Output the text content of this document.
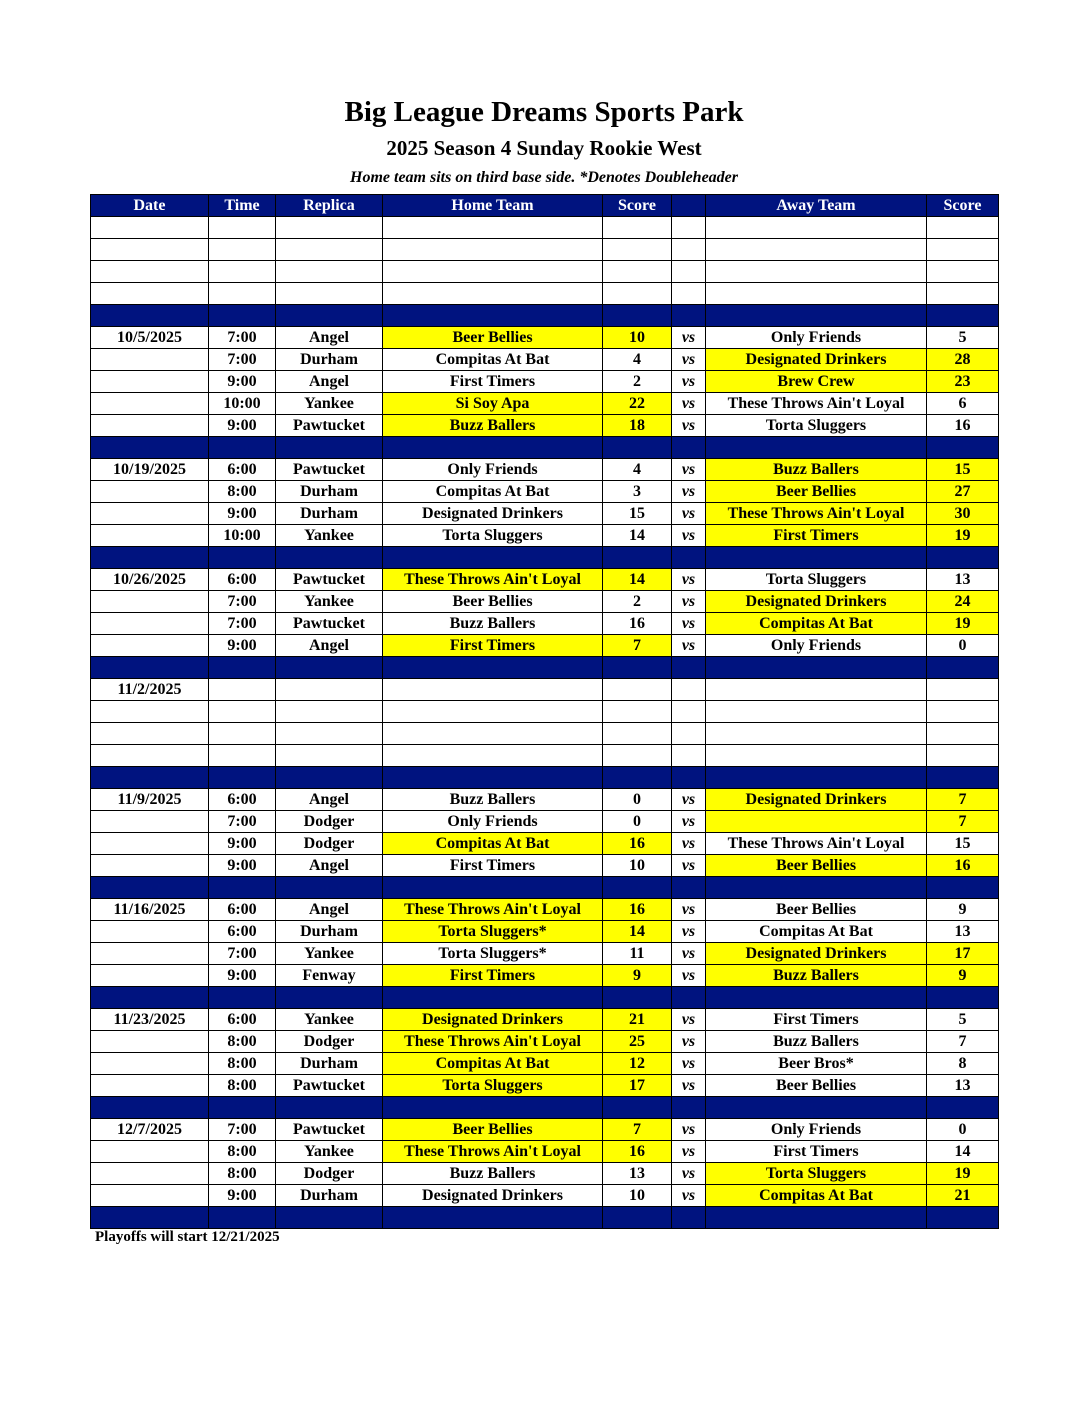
Big League Dreams Sports Park
2025 Season 4 Sunday Rookie West
Home team sits on third base side. *Denotes Doubleheader
Date	Time	Replica	Home Team	Score		Away Team	Score

10/5/2025	7:00	Angel	Beer Bellies	10	vs	Only Friends	5
	7:00	Durham	Compitas At Bat	4	vs	Designated Drinkers	28
	9:00	Angel	First Timers	2	vs	Brew Crew	23
	10:00	Yankee	Si Soy Apa	22	vs	These Throws Ain't Loyal	6
	9:00	Pawtucket	Buzz Ballers	18	vs	Torta Sluggers	16

10/19/2025	6:00	Pawtucket	Only Friends	4	vs	Buzz Ballers	15
	8:00	Durham	Compitas At Bat	3	vs	Beer Bellies	27
	9:00	Durham	Designated Drinkers	15	vs	These Throws Ain't Loyal	30
	10:00	Yankee	Torta Sluggers	14	vs	First Timers	19

10/26/2025	6:00	Pawtucket	These Throws Ain't Loyal	14	vs	Torta Sluggers	13
	7:00	Yankee	Beer Bellies	2	vs	Designated Drinkers	24
	7:00	Pawtucket	Buzz Ballers	16	vs	Compitas At Bat	19
	9:00	Angel	First Timers	7	vs	Only Friends	0

11/2/2025							

11/9/2025	6:00	Angel	Buzz Ballers	0	vs	Designated Drinkers	7
	7:00	Dodger	Only Friends	0	vs		7
	9:00	Dodger	Compitas At Bat	16	vs	These Throws Ain't Loyal	15
	9:00	Angel	First Timers	10	vs	Beer Bellies	16

11/16/2025	6:00	Angel	These Throws Ain't Loyal	16	vs	Beer Bellies	9
	6:00	Durham	Torta Sluggers*	14	vs	Compitas At Bat	13
	7:00	Yankee	Torta Sluggers*	11	vs	Designated Drinkers	17
	9:00	Fenway	First Timers	9	vs	Buzz Ballers	9

11/23/2025	6:00	Yankee	Designated Drinkers	21	vs	First Timers	5
	8:00	Dodger	These Throws Ain't Loyal	25	vs	Buzz Ballers	7
	8:00	Durham	Compitas At Bat	12	vs	Beer Bros*	8
	8:00	Pawtucket	Torta Sluggers	17	vs	Beer Bellies	13

12/7/2025	7:00	Pawtucket	Beer Bellies	7	vs	Only Friends	0
	8:00	Yankee	These Throws Ain't Loyal	16	vs	First Timers	14
	8:00	Dodger	Buzz Ballers	13	vs	Torta Sluggers	19
	9:00	Durham	Designated Drinkers	10	vs	Compitas At Bat	21

Playoffs will start 12/21/2025
